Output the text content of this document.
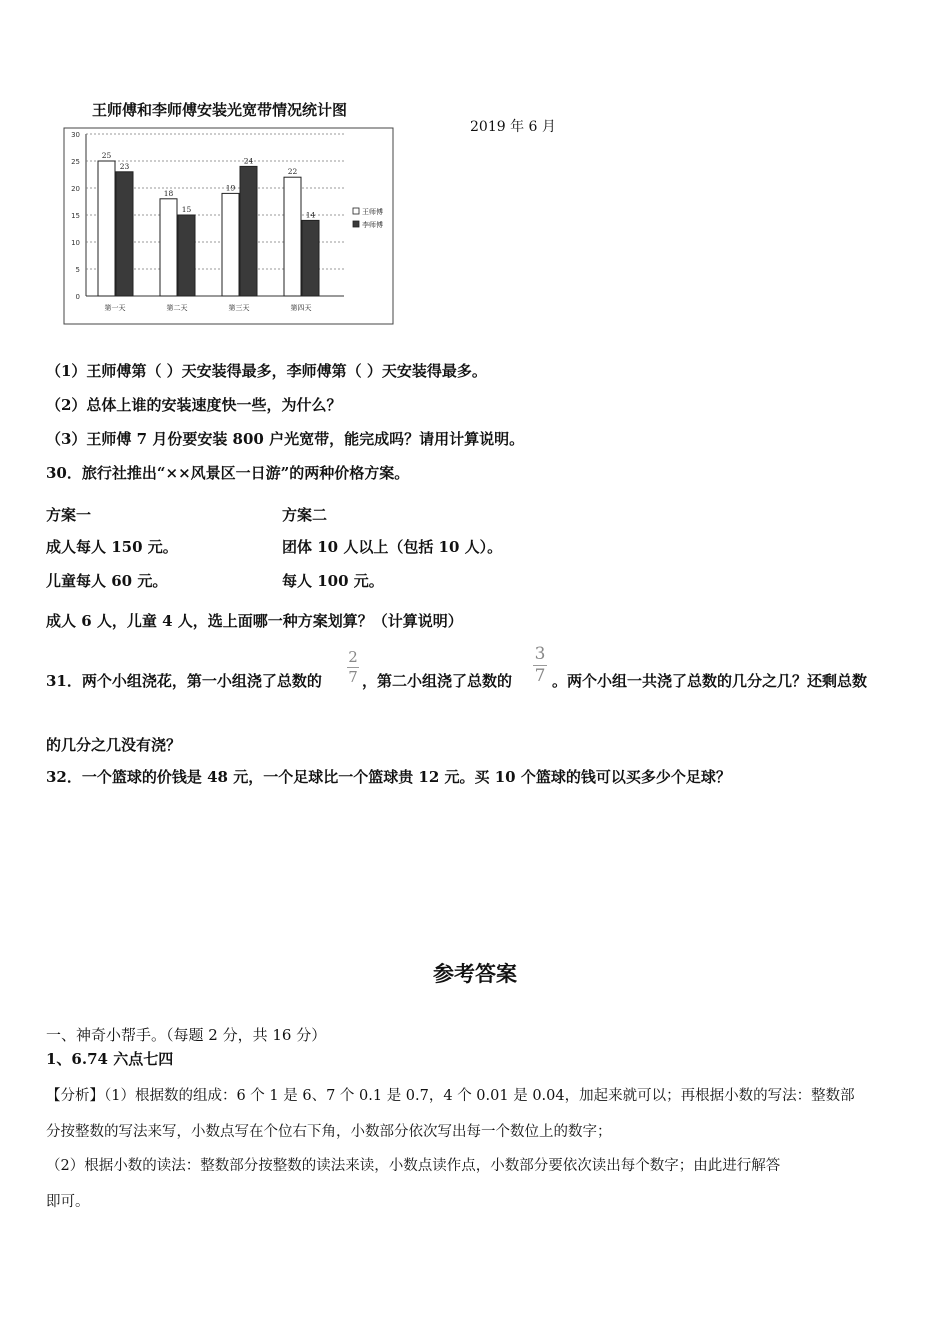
王师傅和李师傅安装光宽带情况统计图
2019 年 6 月
0
5
10
15
20
25
30
25
23
第一天
18
15
第二天
19
24
第三天
22
14
第四天
王师傅
李师傅
（1）王师傅第（ ）天安装得最多，李师傅第（ ）天安装得最多。
（2）总体上谁的安装速度快一些，为什么？
（3）王师傅 7 月份要安装 800 户光宽带，能完成吗？请用计算说明。
30．旅行社推出“××风景区一日游”的两种价格方案。
方案一	方案二
成人每人 150 元。	团体 10 人以上（包括 10 人）。
儿童每人 60 元。	每人 100 元。
成人 6 人，儿童 4 人，选上面哪一种方案划算？（计算说明）
31．两个小组浇花，第一小组浇了总数的
2
7 ，第二小组浇了总数的
3
7 。两个小组一共浇了总数的几分之几？还剩总数
的几分之几没有浇？
32．一个篮球的价钱是 48 元，一个足球比一个篮球贵 12 元。买 10 个篮球的钱可以买多少个足球？
参考答案
一、神奇小帮手。（每题 2 分，共 16 分）
1、6.74 六点七四
【分析】（1）根据数的组成：6 个 1 是 6、7 个 0.1 是 0.7，4 个 0.01 是 0.04，加起来就可以；再根据小数的写法：整数部
分按整数的写法来写，小数点写在个位右下角，小数部分依次写出每一个数位上的数字；
（2）根据小数的读法：整数部分按整数的读法来读，小数点读作点，小数部分要依次读出每个数字；由此进行解答
即可。
